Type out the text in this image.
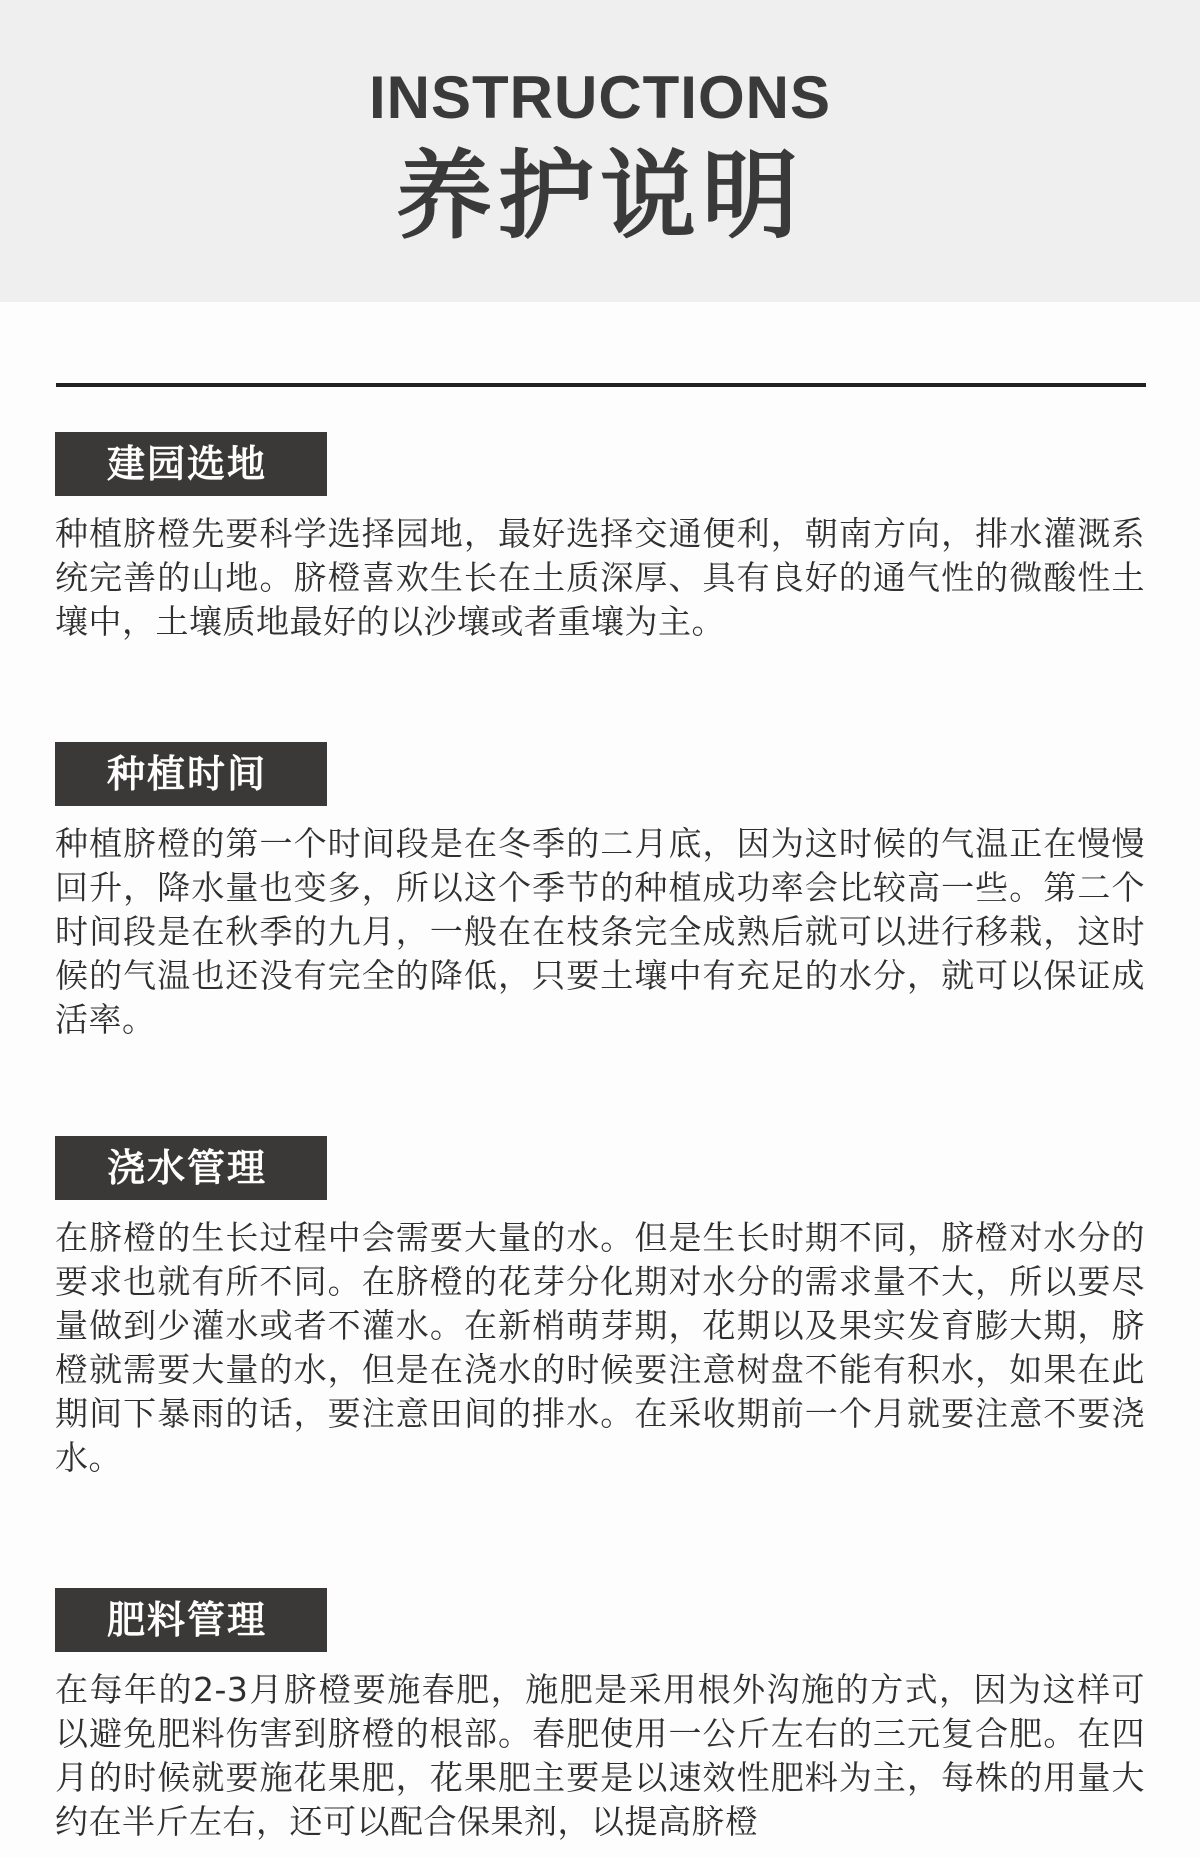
INSTRUCTIONS
养护说明
建园选地
种植脐橙先要科学选择园地，最好选择交通便利，朝南方向，排水灌溉系统完善的山地。脐橙喜欢生长在土质深厚、具有良好的通气性的微酸性土壤中，土壤质地最好的以沙壤或者重壤为主。
种植时间
种植脐橙的第一个时间段是在冬季的二月底，因为这时候的气温正在慢慢回升，降水量也变多，所以这个季节的种植成功率会比较高一些。第二个时间段是在秋季的九月，一般在在枝条完全成熟后就可以进行移栽，这时候的气温也还没有完全的降低，只要土壤中有充足的水分，就可以保证成活率。
浇水管理
在脐橙的生长过程中会需要大量的水。但是生长时期不同，脐橙对水分的要求也就有所不同。在脐橙的花芽分化期对水分的需求量不大，所以要尽量做到少灌水或者不灌水。在新梢萌芽期，花期以及果实发育膨大期，脐橙就需要大量的水，但是在浇水的时候要注意树盘不能有积水，如果在此期间下暴雨的话，要注意田间的排水。在采收期前一个月就要注意不要浇水。
肥料管理
在每年的2-3月脐橙要施春肥，施肥是采用根外沟施的方式，因为这样可以避免肥料伤害到脐橙的根部。春肥使用一公斤左右的三元复合肥。在四月的时候就要施花果肥，花果肥主要是以速效性肥料为主，每株的用量大约在半斤左右，还可以配合保果剂，以提高脐橙
